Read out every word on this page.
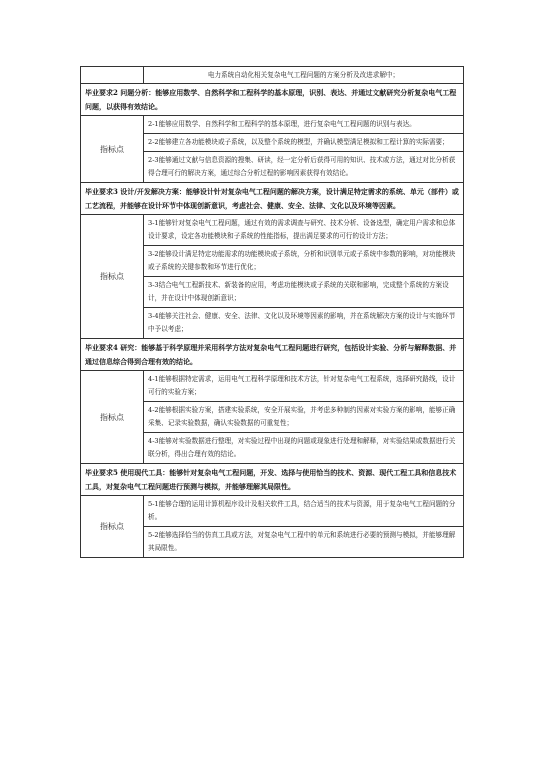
	电力系统自动化相关复杂电气工程问题的方案分析及改进求解中；
毕业要求2 问题分析：能够应用数学、自然科学和工程科学的基本原理，识别、表达、并通过文献研究分析复杂电气工程问题，以获得有效结论。	
指标点	2-1能够应用数学、自然科学和工程科学的基本原理，进行复杂电气工程问题的识别与表达。
	2-2能够建立各功能模块或子系统，以及整个系统的模型，并确认模型满足模拟和工程计算的实际需要；
	2-3能够通过文献与信息资源的搜集、研读，经一定分析后获得可用的知识、技术或方法，通过对比分析获得合理可行的解决方案，通过综合分析过程的影响因素获得有效结论。
毕业要求3 设计/开发解决方案：能够设计针对复杂电气工程问题的解决方案，设计满足特定需求的系统、单元（部件）或工艺流程，并能够在设计环节中体现创新意识，考虑社会、健康、安全、法律、文化以及环境等因素。	
指标点	3-1能够针对复杂电气工程问题，通过有效的需求调查与研究、技术分析、设备选型，确定用户需求和总体设计要求，设定各功能模块和子系统的性能指标，提出满足要求的可行的设计方法；
	3-2能够设计满足特定功能需求的功能模块或子系统，分析和识别单元或子系统中参数的影响，对功能模块或子系统的关键参数和环节进行优化；
	3-3结合电气工程新技术、新装备的应用，考虑功能模块或子系统的关联和影响，完成整个系统的方案设计，并在设计中体现创新意识；
	3-4能够关注社会、健康、安全、法律、文化以及环境等因素的影响，并在系统解决方案的设计与实施环节中予以考虑；
毕业要求4 研究：能够基于科学原理并采用科学方法对复杂电气工程问题进行研究，包括设计实验、分析与解释数据、并通过信息综合得到合理有效的结论。	
指标点	4-1能够根据特定需求，运用电气工程科学原理和技术方法，针对复杂电气工程系统，选择研究路线，设计可行的实验方案；
	4-2能够根据实验方案，搭建实验系统，安全开展实验，并考虑多种制约因素对实验方案的影响，能够正确采集、记录实验数据，确认实验数据的可重复性；
	4-3能够对实验数据进行整理，对实验过程中出现的问题或现象进行处理和解释，对实验结果或数据进行关联分析，得出合理有效的结论。
毕业要求5 使用现代工具：能够针对复杂电气工程问题，开发、选择与使用恰当的技术、资源、现代工程工具和信息技术工具，对复杂电气工程问题进行预测与模拟，并能够理解其局限性。	
指标点	5-1能够合理的运用计算机程序设计及相关软件工具，结合适当的技术与资源，用于复杂电气工程问题的分析。
	5-2能够选择恰当的仿真工具或方法，对复杂电气工程中的单元和系统进行必要的预测与模拟，并能够理解其局限性。
